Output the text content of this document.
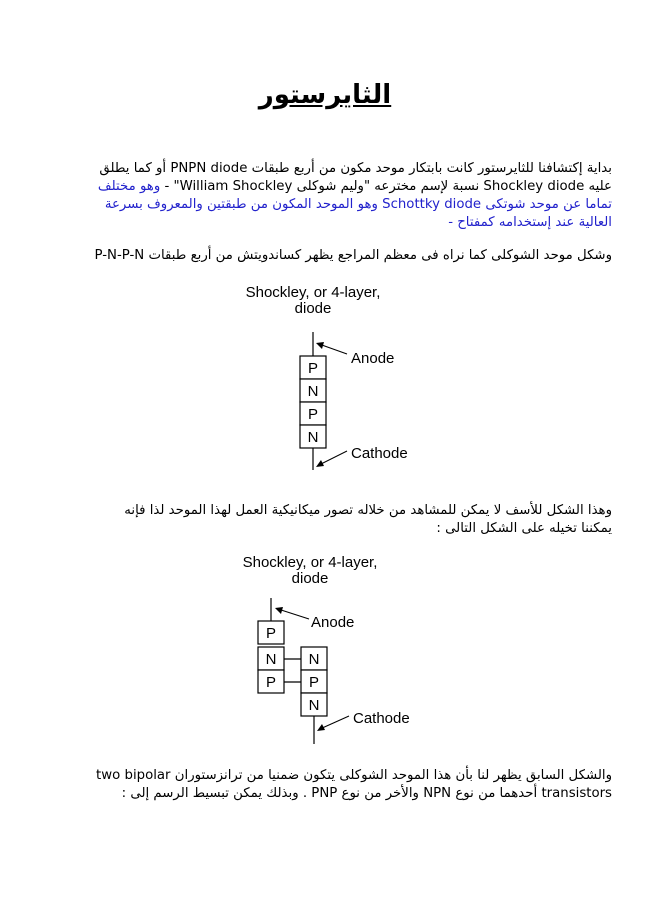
الثايرستور
بداية إكتشافنا للثايرستور كانت بابتكار موحد مكون من أربع طبقات PNPN diode أو كما يطلق
عليه Shockley diode نسبة لإسم مخترعه "وليم شوكلى William Shockley" - وهو مختلف
تماما عن موحد شوتكى Schottky diode وهو الموحد المكون من طبقتين والمعروف بسرعة
العالية عند إستخدامه كمفتاح -
وشكل موحد الشوكلى كما نراه فى معظم المراجع يظهر كساندويتش من أربع طبقات P-N-P-N
Shockley, or 4-layer,
diode
P
N
P
N
Anode
Cathode
وهذا الشكل للأسف لا يمكن للمشاهد من خلاله تصور ميكانيكية العمل لهذا الموحد لذا فإنه
يمكننا تخيله على الشكل التالى :
Shockley, or 4-layer,
diode
P
N
P
N
P
N
Anode
Cathode
والشكل السابق يظهر لنا بأن هذا الموحد الشوكلى يتكون ضمنيا من ترانزستوران two bipolar
transistors أحدهما من نوع NPN والأخر من نوع PNP . وبذلك يمكن تبسيط الرسم إلى :
